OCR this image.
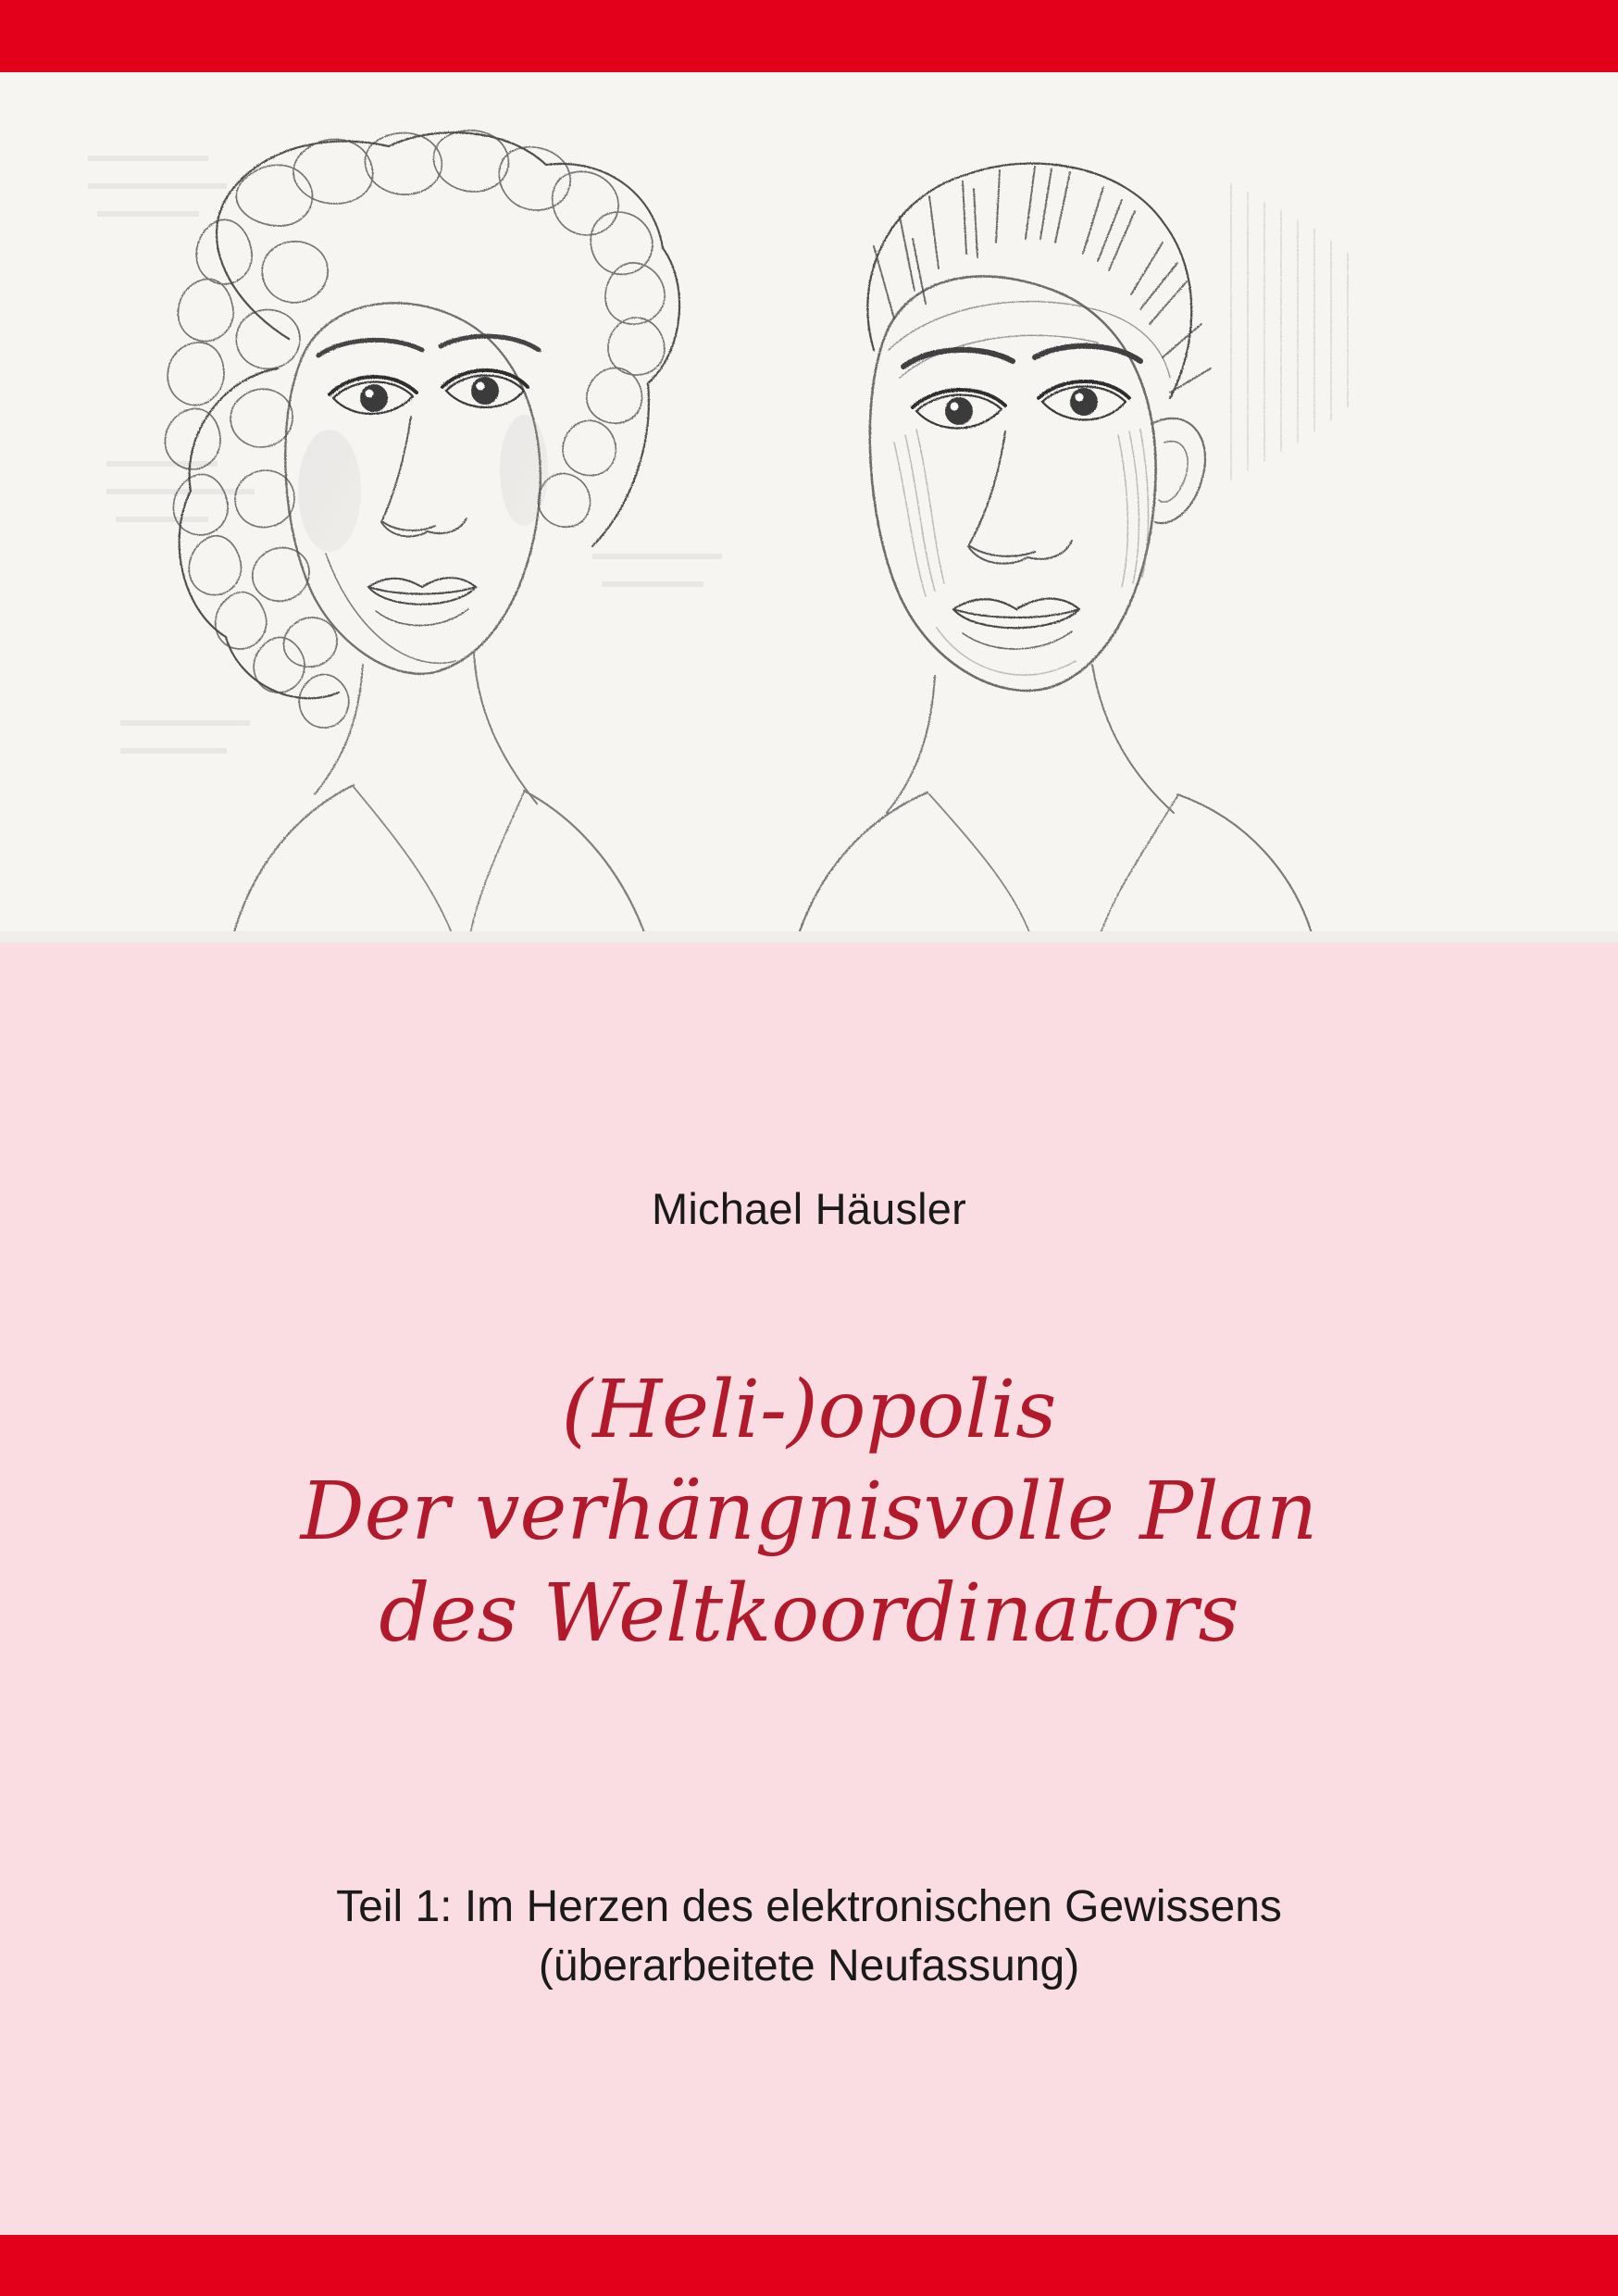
Michael Häusler
(Heli-)opolis
Der verhängnisvolle Plan
des Weltkoordinators
Teil 1: Im Herzen des elektronischen Gewissens
(überarbeitete Neufassung)
